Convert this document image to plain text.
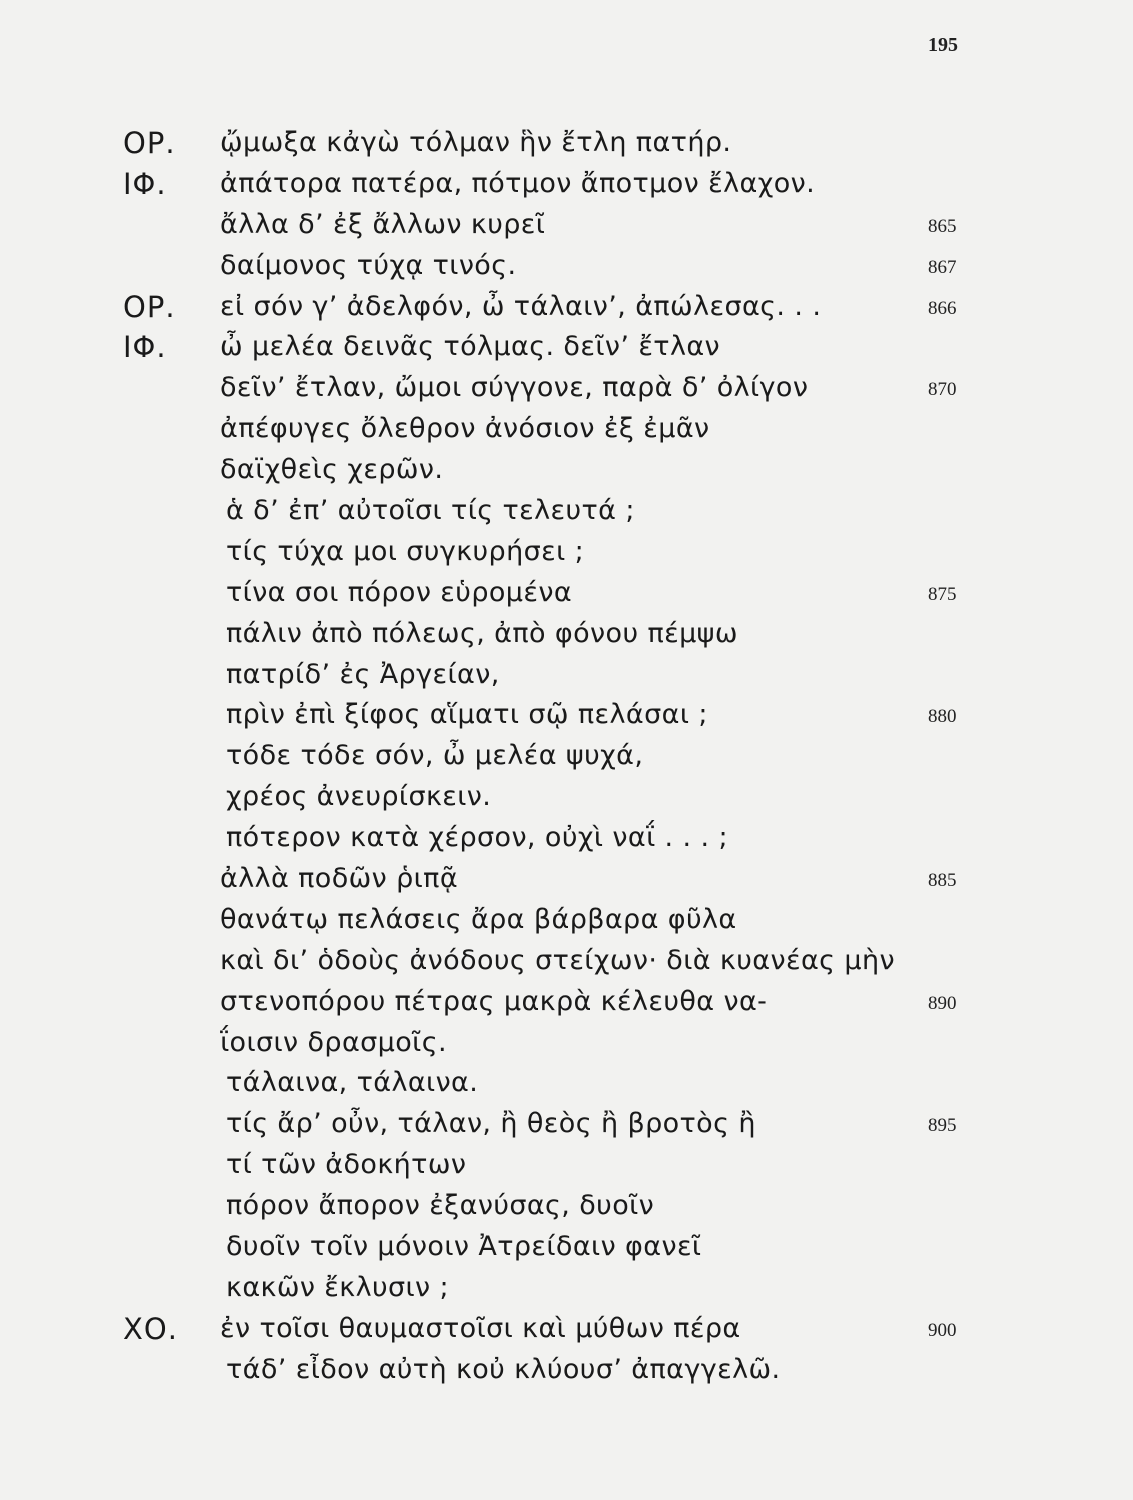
195
ΟΡ. ᾤμωξα κἀγὼ τόλμαν ἣν ἔτλη πατήρ.
ΙΦ. ἀπάτορα πατέρα, πότμον ἄποτμον ἔλαχον.
ἄλλα δ’ ἐξ ἄλλων κυρεῖ	865
δαίμονος τύχᾳ τινός.	867
ΟΡ. εἰ σόν γ’ ἀδελφόν, ὦ τάλαιν’, ἀπώλεσας. . .	866
ΙΦ. ὦ μελέα δεινᾶς τόλμας. δεῖν’ ἔτλαν
δεῖν’ ἔτλαν, ὤμοι σύγγονε, παρὰ δ’ ὀλίγον	870
ἀπέφυγες ὄλεθρον ἀνόσιον ἐξ ἐμᾶν
δαϊχθεὶς χερῶν.
ἁ δ’ ἐπ’ αὐτοῖσι τίς τελευτά ;
τίς τύχα μοι συγκυρήσει ;
τίνα σοι πόρον εὑρομένα	875
πάλιν ἀπὸ πόλεως, ἀπὸ φόνου πέμψω
πατρίδ’ ἐς Ἀργείαν,
πρὶν ἐπὶ ξίφος αἵματι σῷ πελάσαι ;	880
τόδε τόδε σόν, ὦ μελέα ψυχά,
χρέος ἀνευρίσκειν.
πότερον κατὰ χέρσον, οὐχὶ ναΐ . . . ;
ἀλλὰ ποδῶν ῥιπᾷ	885
θανάτῳ πελάσεις ἄρα βάρβαρα φῦλα
καὶ δι’ ὁδοὺς ἀνόδους στείχων· διὰ κυανέας μὴν
στενοπόρου πέτρας μακρὰ κέλευθα να-	890
ΐοισιν δρασμοῖς.
τάλαινα, τάλαινα.
τίς ἄρ’ οὖν, τάλαν, ἢ θεὸς ἢ βροτὸς ἢ	895
τί τῶν ἀδοκήτων
πόρον ἄπορον ἐξανύσας, δυοῖν
δυοῖν τοῖν μόνοιν Ἀτρείδαιν φανεῖ
κακῶν ἔκλυσιν ;
ΧΟ. ἐν τοῖσι θαυμαστοῖσι καὶ μύθων πέρα	900
τάδ’ εἶδον αὐτὴ κοὐ κλύουσ’ ἀπαγγελῶ.
